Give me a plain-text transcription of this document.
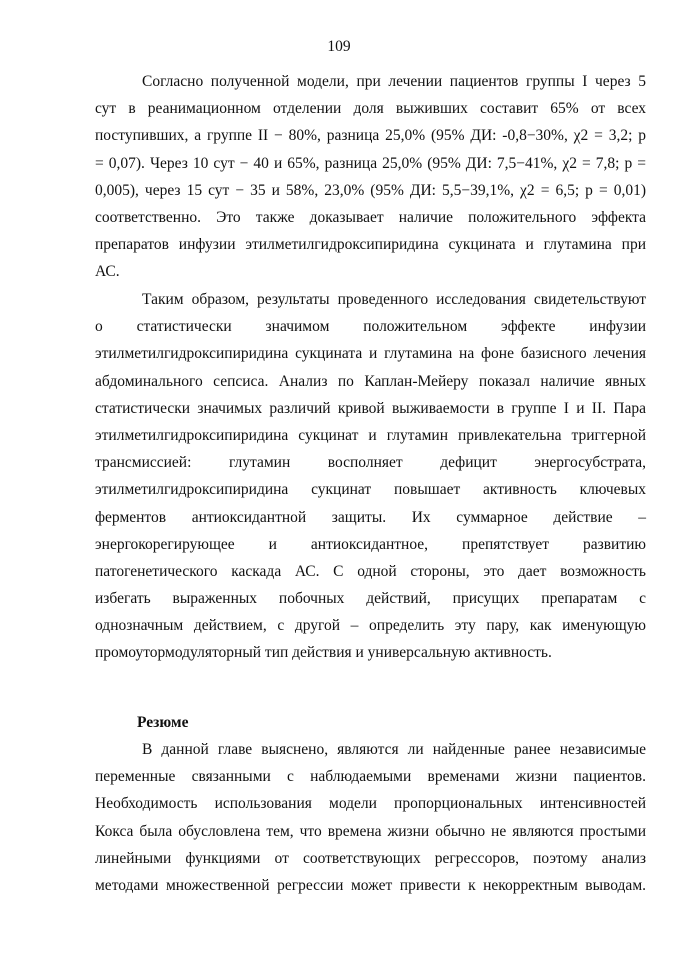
109
Согласно полученной модели, при лечении пациентов группы I через 5
сут в реанимационном отделении доля выживших составит 65% от всех
поступивших, а группе II − 80%, разница 25,0% (95% ДИ: -0,8−30%, χ2 = 3,2; p
= 0,07). Через 10 сут − 40 и 65%, разница 25,0% (95% ДИ: 7,5−41%, χ2 = 7,8; p =
0,005), через 15 сут − 35 и 58%, 23,0% (95% ДИ: 5,5−39,1%, χ2 = 6,5; p = 0,01)
соответственно. Это также доказывает наличие положительного эффекта
препаратов инфузии этилметилгидроксипиридина сукцината и глутамина при
АС.
Таким образом, результаты проведенного исследования свидетельствуют
о статистически значимом положительном эффекте инфузии
этилметилгидроксипиридина сукцината и глутамина на фоне базисного лечения
абдоминального сепсиса. Анализ по Каплан-Мейеру показал наличие явных
статистически значимых различий кривой выживаемости в группе I и II. Пара
этилметилгидроксипиридина сукцинат и глутамин привлекательна триггерной
трансмиссией: глутамин восполняет дефицит энергосубстрата,
этилметилгидроксипиридина сукцинат повышает активность ключевых
ферментов антиоксидантной защиты. Их суммарное действие –
энергокорегирующее и антиоксидантное, препятствует развитию
патогенетического каскада АС. С одной стороны, это дает возможность
избегать выраженных побочных действий, присущих препаратам с
однозначным действием, с другой – определить эту пару, как именующую
промоутормодуляторный тип действия и универсальную активность.
Резюме
В данной главе выяснено, являются ли найденные ранее независимые
переменные связанными с наблюдаемыми временами жизни пациентов.
Необходимость использования модели пропорциональных интенсивностей
Кокса была обусловлена тем, что времена жизни обычно не являются простыми
линейными функциями от соответствующих регрессоров, поэтому анализ
методами множественной регрессии может привести к некорректным выводам.
